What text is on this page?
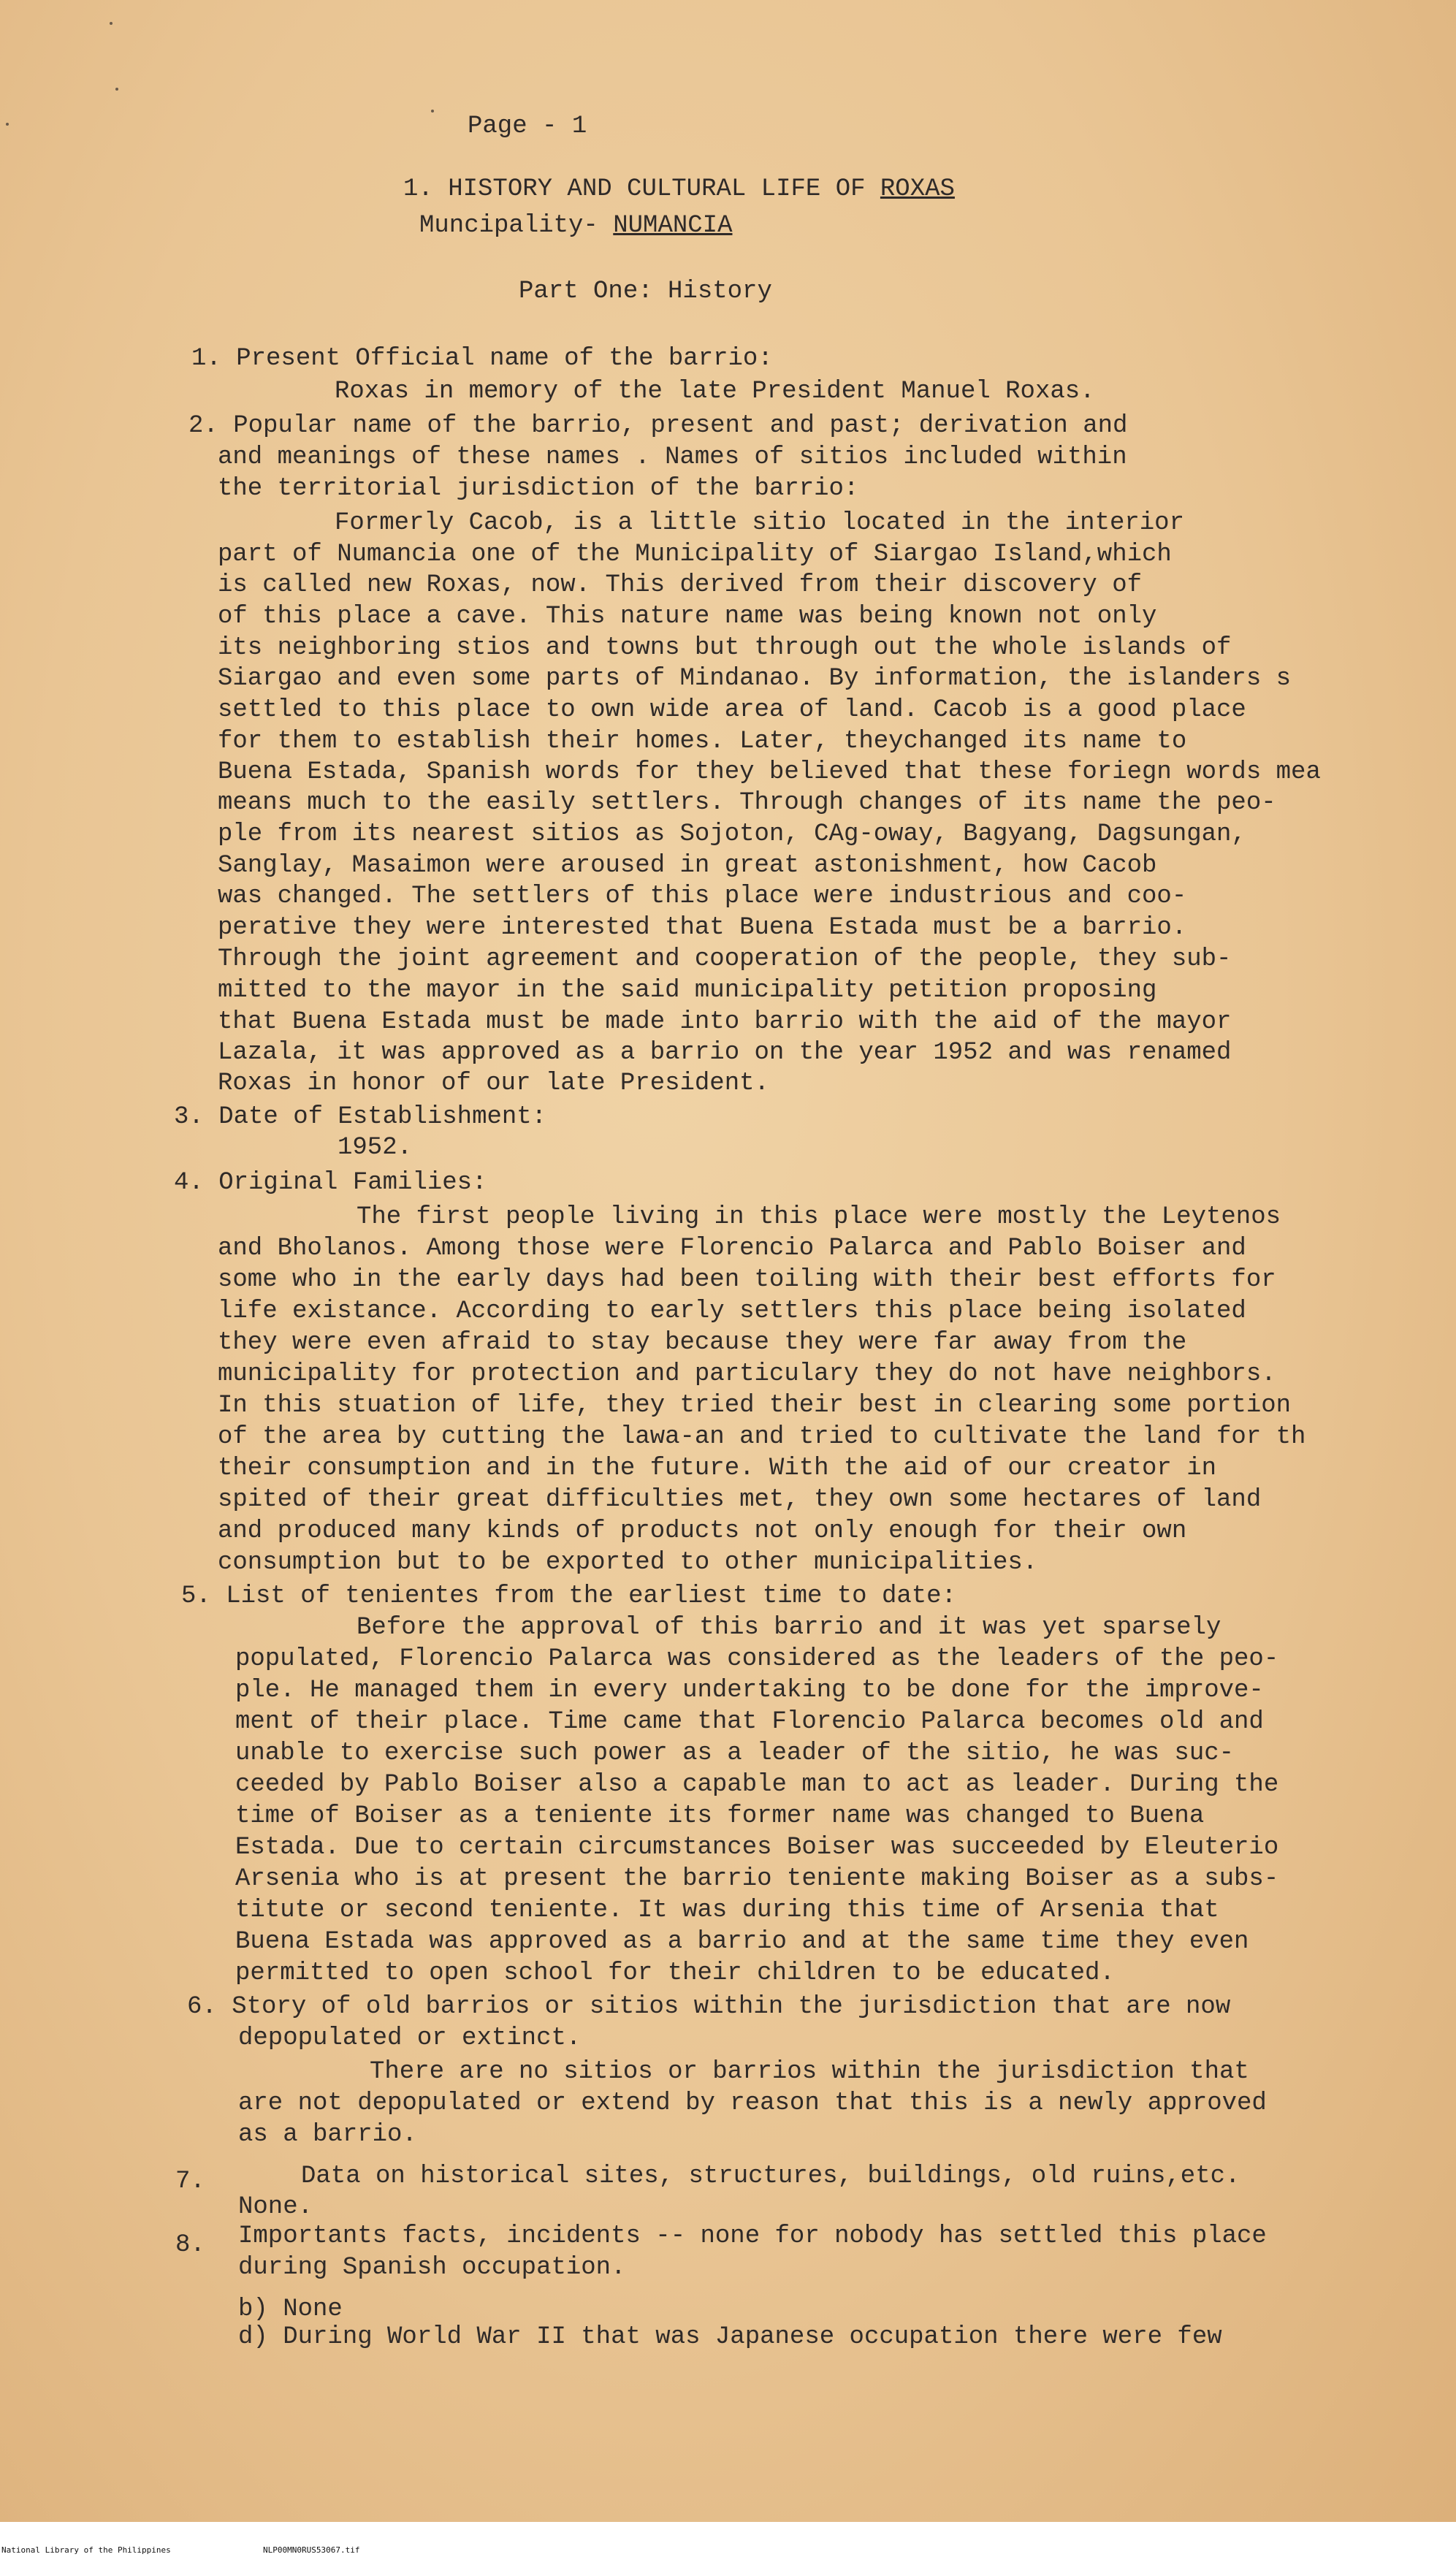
Page - 1
1. HISTORY AND CULTURAL LIFE OF ROXAS
Muncipality- NUMANCIA
Part One: History
1. Present Official name of the barrio:
Roxas in memory of the late President Manuel Roxas.
2. Popular name of the barrio, present and past; derivation and
and meanings of these names . Names of sitios included within
the territorial jurisdiction of the barrio:
Formerly Cacob, is a little sitio located in the interior
part of Numancia one of the Municipality of Siargao Island,which
is called new Roxas, now. This derived from their discovery of
of this place a cave. This nature name was being known not only
its neighboring stios and towns but through out the whole islands of
Siargao and even some parts of Mindanao. By information, the islanders s
settled to this place to own wide area of land. Cacob is a good place
for them to establish their homes. Later, theychanged its name to
Buena Estada, Spanish words for they believed that these foriegn words mea
means much to the easily settlers. Through changes of its name the peo-
ple from its nearest sitios as Sojoton, CAg-oway, Bagyang, Dagsungan,
Sanglay, Masaimon were aroused in great astonishment, how Cacob
was changed. The settlers of this place were industrious and coo-
perative they were interested that Buena Estada must be a barrio.
Through the joint agreement and cooperation of the people, they sub-
mitted to the mayor in the said municipality petition proposing
that Buena Estada must be made into barrio with the aid of the mayor
Lazala, it was approved as a barrio on the year 1952 and was renamed
Roxas in honor of our late President.
3. Date of Establishment:
1952.
4. Original Families:
The first people living in this place were mostly the Leytenos
and Bholanos. Among those were Florencio Palarca and Pablo Boiser and
some who in the early days had been toiling with their best efforts for
life existance. According to early settlers this place being isolated
they were even afraid to stay because they were far away from the
municipality for protection and particulary they do not have neighbors.
In this stuation of life, they tried their best in clearing some portion
of the area by cutting the lawa-an and tried to cultivate the land for th
their consumption and in the future. With the aid of our creator in
spited of their great difficulties met, they own some hectares of land
and produced many kinds of products not only enough for their own
consumption but to be exported to other municipalities.
5. List of tenientes from the earliest time to date:
Before the approval of this barrio and it was yet sparsely
populated, Florencio Palarca was considered as the leaders of the peo-
ple. He managed them in every undertaking to be done for the improve-
ment of their place. Time came that Florencio Palarca becomes old and
unable to exercise such power as a leader of the sitio, he was suc-
ceeded by Pablo Boiser also a capable man to act as leader. During the
time of Boiser as a teniente its former name was changed to Buena
Estada. Due to certain circumstances Boiser was succeeded by Eleuterio
Arsenia who is at present the barrio teniente making Boiser as a subs-
titute or second teniente. It was during this time of Arsenia that
Buena Estada was approved as a barrio and at the same time they even
permitted to open school for their children to be educated.
6. Story of old barrios or sitios within the jurisdiction that are now
depopulated or extinct.
There are no sitios or barrios within the jurisdiction that
are not depopulated or extend by reason that this is a newly approved
as a barrio.
7.	Data on historical sites, structures, buildings, old ruins,etc.
None.
8. Importants facts, incidents -- none for nobody has settled this place
during Spanish occupation.
b) None
d) During World War II that was Japanese occupation there were few
National Library of the Philippines	NLP00MN0RUS53067.tif
